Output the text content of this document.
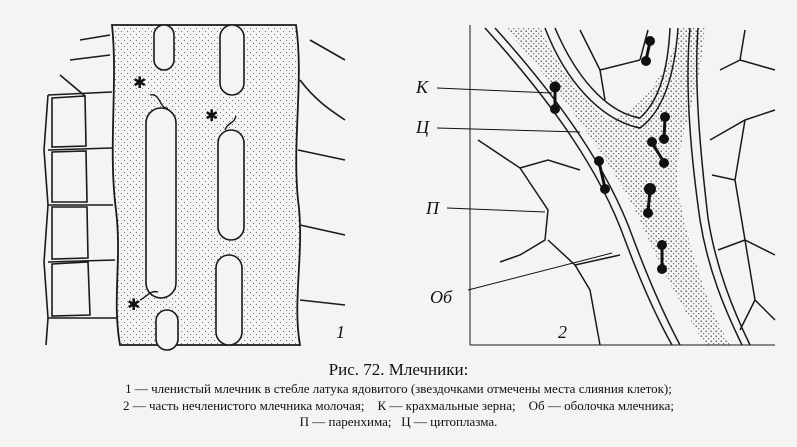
✱
✱
✱
1
К
Ц
П
Об
2
Рис. 72. Млечники:
1 — членистый млечник в стебле латука ядовитого (звездочками отмечены места слияния клеток);
2 — часть нечленистого млечника молочая; К — крахмальные зерна; Об — оболочка млечника;
П — паренхима; Ц — цитоплазма.
